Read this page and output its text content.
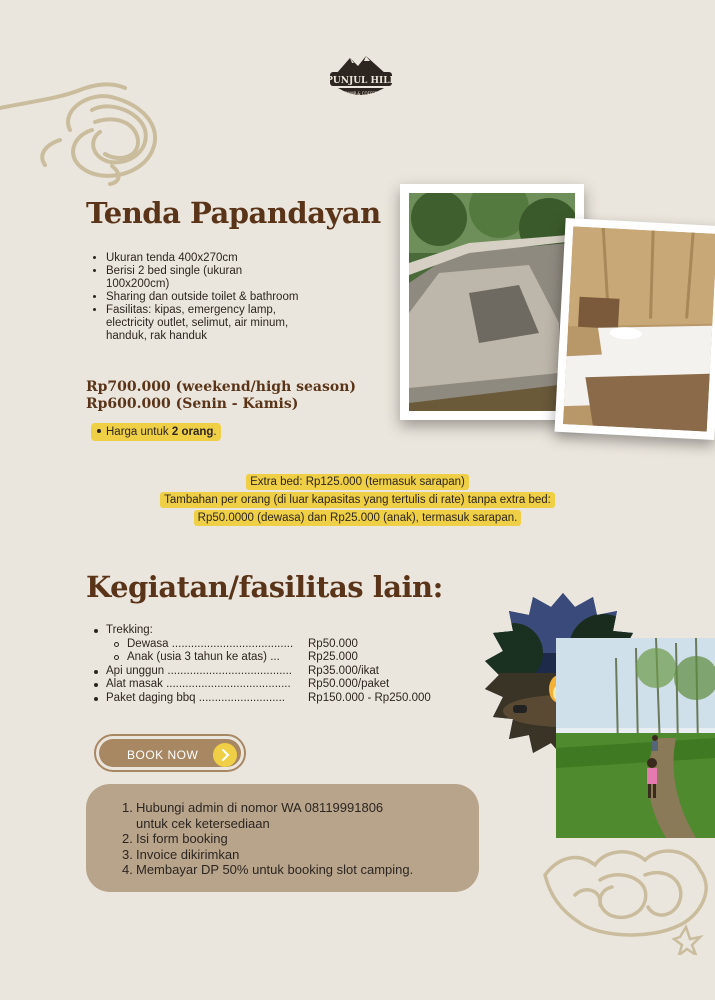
PUNJUL HILL
CAMP & COFFEE
Tenda Papandayan
• Ukuran tenda 400x270cm
• Berisi 2 bed single (ukuran 100x200cm)
• Sharing dan outside toilet & bathroom
• Fasilitas: kipas, emergency lamp, electricity outlet, selimut, air minum, handuk, rak handuk
Rp700.000 (weekend/high season)
Rp600.000 (Senin - Kamis)
Harga untuk 2 orang.
Extra bed: Rp125.000 (termasuk sarapan)
Tambahan per orang (di luar kapasitas yang tertulis di rate) tanpa extra bed:
Rp50.0000 (dewasa) dan Rp25.000 (anak), termasuk sarapan.
Kegiatan/fasilitas lain:
Trekking:
Dewasa ...................................... Rp50.000
Anak (usia 3 tahun ke atas) ... Rp25.000
Api unggun ....................................... Rp35.000/ikat
Alat masak ....................................... Rp50.000/paket
Paket daging bbq ........................... Rp150.000 - Rp250.000
BOOK NOW
1. Hubungi admin di nomor WA 08119991806
untuk cek ketersediaan
2. Isi form booking
3. Invoice dikirimkan
4. Membayar DP 50% untuk booking slot camping.
